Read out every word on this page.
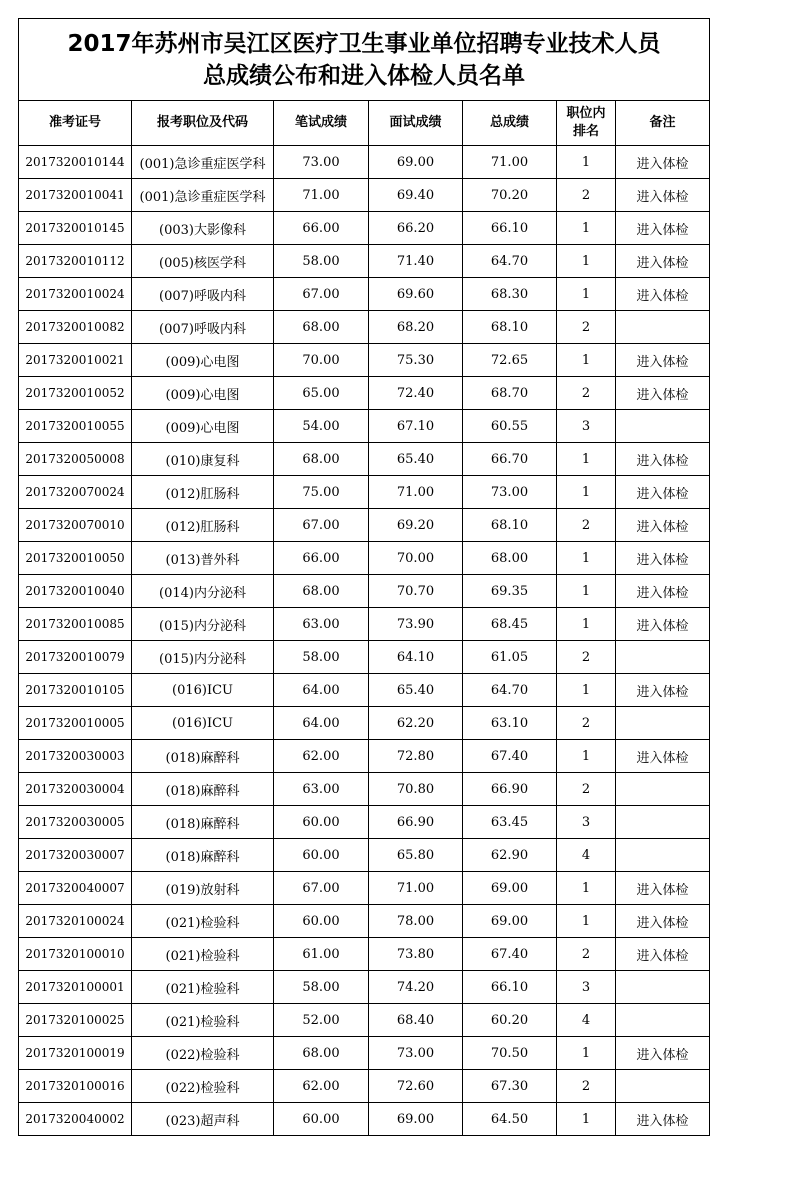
2017年苏州市吴江区医疗卫生事业单位招聘专业技术人员
总成绩公布和进入体检人员名单						

准考证号	报考职位及代码	笔试成绩	面试成绩	总成绩	职位内
排名	备注
2017320010144	(001)急诊重症医学科	73.00	69.00	71.00	1	进入体检
2017320010041	(001)急诊重症医学科	71.00	69.40	70.20	2	进入体检
2017320010145	(003)大影像科	66.00	66.20	66.10	1	进入体检
2017320010112	(005)核医学科	58.00	71.40	64.70	1	进入体检
2017320010024	(007)呼吸内科	67.00	69.60	68.30	1	进入体检
2017320010082	(007)呼吸内科	68.00	68.20	68.10	2	
2017320010021	(009)心电图	70.00	75.30	72.65	1	进入体检
2017320010052	(009)心电图	65.00	72.40	68.70	2	进入体检
2017320010055	(009)心电图	54.00	67.10	60.55	3	
2017320050008	(010)康复科	68.00	65.40	66.70	1	进入体检
2017320070024	(012)肛肠科	75.00	71.00	73.00	1	进入体检
2017320070010	(012)肛肠科	67.00	69.20	68.10	2	进入体检
2017320010050	(013)普外科	66.00	70.00	68.00	1	进入体检
2017320010040	(014)内分泌科	68.00	70.70	69.35	1	进入体检
2017320010085	(015)内分泌科	63.00	73.90	68.45	1	进入体检
2017320010079	(015)内分泌科	58.00	64.10	61.05	2	
2017320010105	(016)ICU	64.00	65.40	64.70	1	进入体检
2017320010005	(016)ICU	64.00	62.20	63.10	2	
2017320030003	(018)麻醉科	62.00	72.80	67.40	1	进入体检
2017320030004	(018)麻醉科	63.00	70.80	66.90	2	
2017320030005	(018)麻醉科	60.00	66.90	63.45	3	
2017320030007	(018)麻醉科	60.00	65.80	62.90	4	
2017320040007	(019)放射科	67.00	71.00	69.00	1	进入体检
2017320100024	(021)检验科	60.00	78.00	69.00	1	进入体检
2017320100010	(021)检验科	61.00	73.80	67.40	2	进入体检
2017320100001	(021)检验科	58.00	74.20	66.10	3	
2017320100025	(021)检验科	52.00	68.40	60.20	4	
2017320100019	(022)检验科	68.00	73.00	70.50	1	进入体检
2017320100016	(022)检验科	62.00	72.60	67.30	2	
2017320040002	(023)超声科	60.00	69.00	64.50	1	进入体检
